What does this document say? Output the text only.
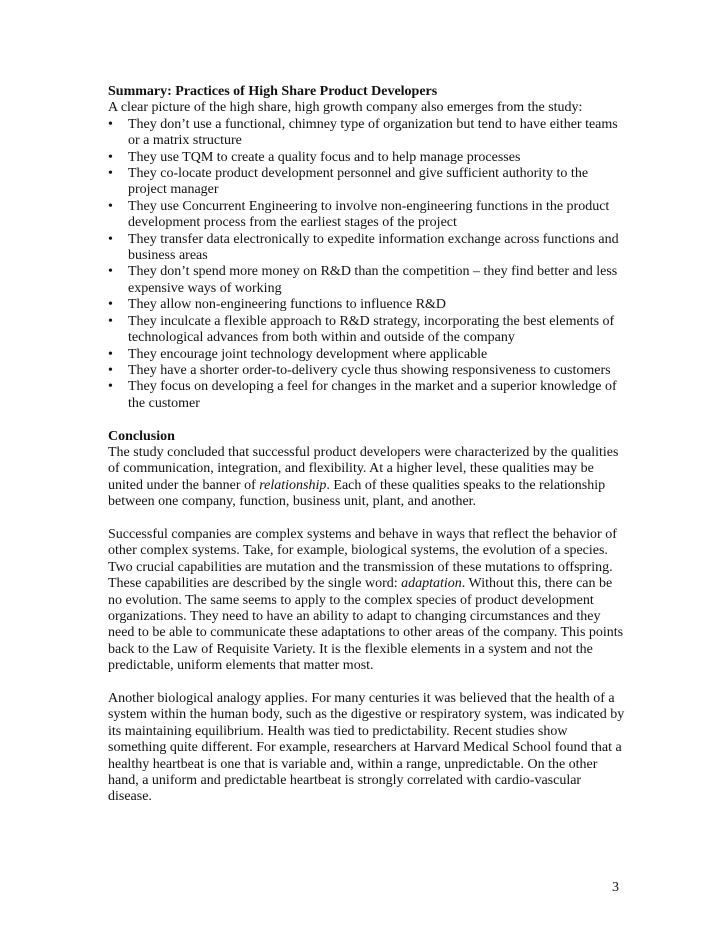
Summary: Practices of High Share Product Developers

A clear picture of the high share, high growth company also emerges from the study:

•	They don’t use a functional, chimney type of organization but tend to have either teams or a matrix structure
•	They use TQM to create a quality focus and to help manage processes
•	They co-locate product development personnel and give sufficient authority to the project manager
•	They use Concurrent Engineering to involve non-engineering functions in the product development process from the earliest stages of the project
•	They transfer data electronically to expedite information exchange across functions and business areas
•	They don’t spend more money on R&D than the competition – they find better and less expensive ways of working
•	They allow non-engineering functions to influence R&D
•	They inculcate a flexible approach to R&D strategy, incorporating the best elements of technological advances from both within and outside of the company
•	They encourage joint technology development where applicable
•	They have a shorter order-to-delivery cycle thus showing responsiveness to customers
•	They focus on developing a feel for changes in the market and a superior knowledge of the customer

Conclusion

The study concluded that successful product developers were characterized by the qualities of communication, integration, and flexibility. At a higher level, these qualities may be united under the banner of relationship. Each of these qualities speaks to the relationship between one company, function, business unit, plant, and another.

Successful companies are complex systems and behave in ways that reflect the behavior of other complex systems. Take, for example, biological systems, the evolution of a species. Two crucial capabilities are mutation and the transmission of these mutations to offspring. These capabilities are described by the single word: adaptation. Without this, there can be no evolution. The same seems to apply to the complex species of product development organizations. They need to have an ability to adapt to changing circumstances and they need to be able to communicate these adaptations to other areas of the company. This points back to the Law of Requisite Variety. It is the flexible elements in a system and not the predictable, uniform elements that matter most.

Another biological analogy applies. For many centuries it was believed that the health of a system within the human body, such as the digestive or respiratory system, was indicated by its maintaining equilibrium. Health was tied to predictability. Recent studies show something quite different. For example, researchers at Harvard Medical School found that a healthy heartbeat is one that is variable and, within a range, unpredictable. On the other hand, a uniform and predictable heartbeat is strongly correlated with cardio-vascular disease.

3
